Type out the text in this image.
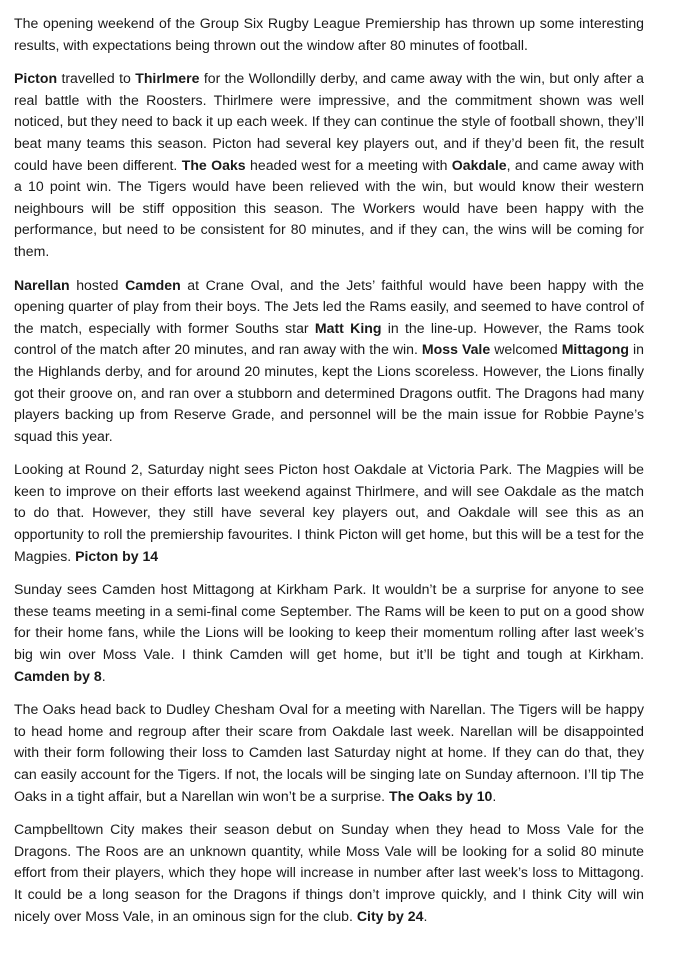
The opening weekend of the Group Six Rugby League Premiership has thrown up some interesting results, with expectations being thrown out the window after 80 minutes of football.

Picton travelled to Thirlmere for the Wollondilly derby, and came away with the win, but only after a real battle with the Roosters. Thirlmere were impressive, and the commitment shown was well noticed, but they need to back it up each week. If they can continue the style of football shown, they’ll beat many teams this season. Picton had several key players out, and if they’d been fit, the result could have been different. The Oaks headed west for a meeting with Oakdale, and came away with a 10 point win. The Tigers would have been relieved with the win, but would know their western neighbours will be stiff opposition this season. The Workers would have been happy with the performance, but need to be consistent for 80 minutes, and if they can, the wins will be coming for them.

Narellan hosted Camden at Crane Oval, and the Jets’ faithful would have been happy with the opening quarter of play from their boys. The Jets led the Rams easily, and seemed to have control of the match, especially with former Souths star Matt King in the line-up. However, the Rams took control of the match after 20 minutes, and ran away with the win. Moss Vale welcomed Mittagong in the Highlands derby, and for around 20 minutes, kept the Lions scoreless. However, the Lions finally got their groove on, and ran over a stubborn and determined Dragons outfit. The Dragons had many players backing up from Reserve Grade, and personnel will be the main issue for Robbie Payne’s squad this year.

Looking at Round 2, Saturday night sees Picton host Oakdale at Victoria Park. The Magpies will be keen to improve on their efforts last weekend against Thirlmere, and will see Oakdale as the match to do that. However, they still have several key players out, and Oakdale will see this as an opportunity to roll the premiership favourites. I think Picton will get home, but this will be a test for the Magpies. Picton by 14

Sunday sees Camden host Mittagong at Kirkham Park. It wouldn’t be a surprise for anyone to see these teams meeting in a semi-final come September. The Rams will be keen to put on a good show for their home fans, while the Lions will be looking to keep their momentum rolling after last week’s big win over Moss Vale. I think Camden will get home, but it’ll be tight and tough at Kirkham. Camden by 8.

The Oaks head back to Dudley Chesham Oval for a meeting with Narellan. The Tigers will be happy to head home and regroup after their scare from Oakdale last week. Narellan will be disappointed with their form following their loss to Camden last Saturday night at home. If they can do that, they can easily account for the Tigers. If not, the locals will be singing late on Sunday afternoon. I’ll tip The Oaks in a tight affair, but a Narellan win won’t be a surprise. The Oaks by 10.

Campbelltown City makes their season debut on Sunday when they head to Moss Vale for the Dragons. The Roos are an unknown quantity, while Moss Vale will be looking for a solid 80 minute effort from their players, which they hope will increase in number after last week’s loss to Mittagong. It could be a long season for the Dragons if things don’t improve quickly, and I think City will win nicely over Moss Vale, in an ominous sign for the club. City by 24.
